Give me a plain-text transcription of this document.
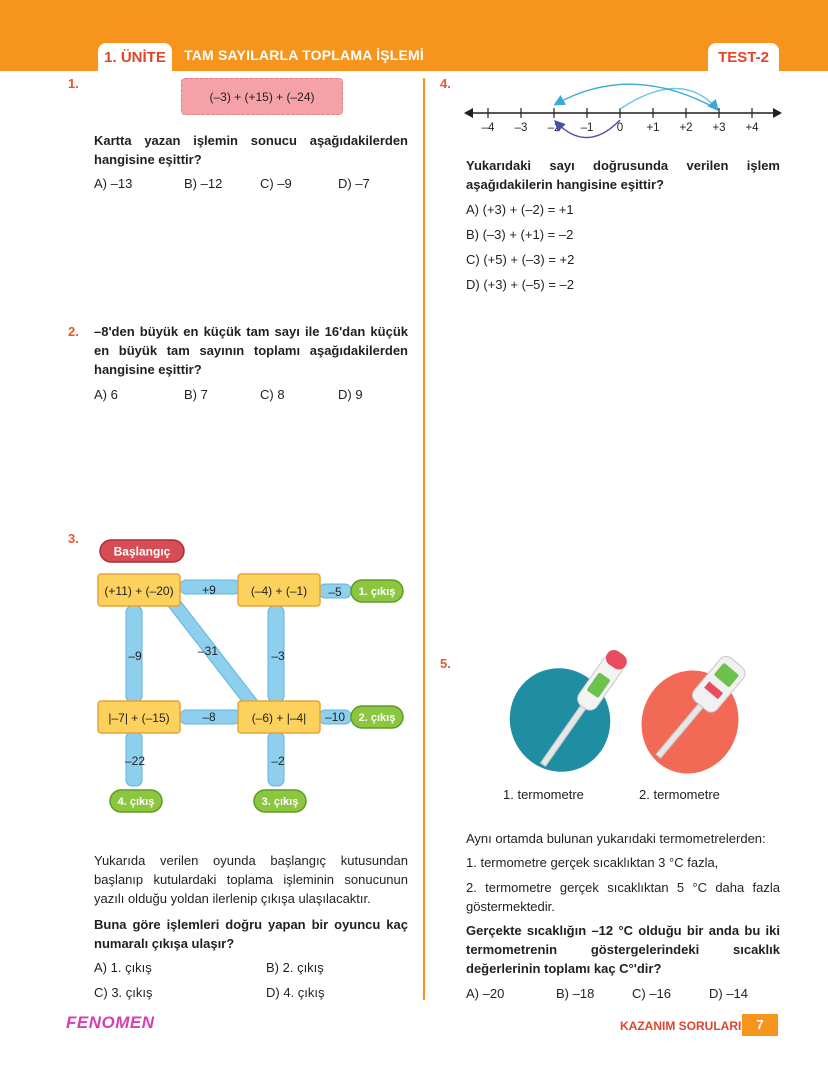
1. ÜNİTE	TAM SAYILARLA TOPLAMA İŞLEMİ	TEST-2
1.
(–3) + (+15) + (–24)
Kartta yazan işlemin sonucu aşağıdakilerden hangisine eşittir?
A) –13	B) –12	C) –9	D) –7
2. –8'den büyük en küçük tam sayı ile 16'dan küçük en büyük tam sayının toplamı aşağıdakilerden hangisine eşittir?
A) 6	B) 7	C) 8	D) 9
3.
Başlangıç
1. çıkış
2. çıkış
3. çıkış
4. çıkış
(+11) + (–20)	(–4) + (–1)
|–7| + (–15)	(–6) + |–4|
+9	–5
–9	–31	–3
–8	–10
–22	–2
Yukarıda verilen oyunda başlangıç kutusundan başlanıp kutulardaki toplama işleminin sonucunun yazılı olduğu yoldan ilerlenip çıkışa ulaşılacaktır.
Buna göre işlemleri doğru yapan bir oyuncu kaç numaralı çıkışa ulaşır?
A) 1. çıkış	B) 2. çıkış
C) 3. çıkış	D) 4. çıkış
4.
–4 –3 –2 –1 0 +1 +2 +3 +4
Yukarıdaki sayı doğrusunda verilen işlem aşağıdakilerin hangisine eşittir?
A) (+3) + (–2) = +1
B) (–3) + (+1) = –2
C) (+5) + (–3) = +2
D) (+3) + (–5) = –2
5.
1. termometre	2. termometre
Aynı ortamda bulunan yukarıdaki termometrelerden:
1. termometre gerçek sıcaklıktan 3 °C fazla,
2. termometre gerçek sıcaklıktan 5 °C daha fazla göstermektedir.
Gerçekte sıcaklığın –12 °C olduğu bir anda bu iki termometrenin göstergelerindeki sıcaklık değerlerinin toplamı kaç C°'dir?
A) –20	B) –18	C) –16	D) –14
FENOMEN	KAZANIM SORULARI	7
